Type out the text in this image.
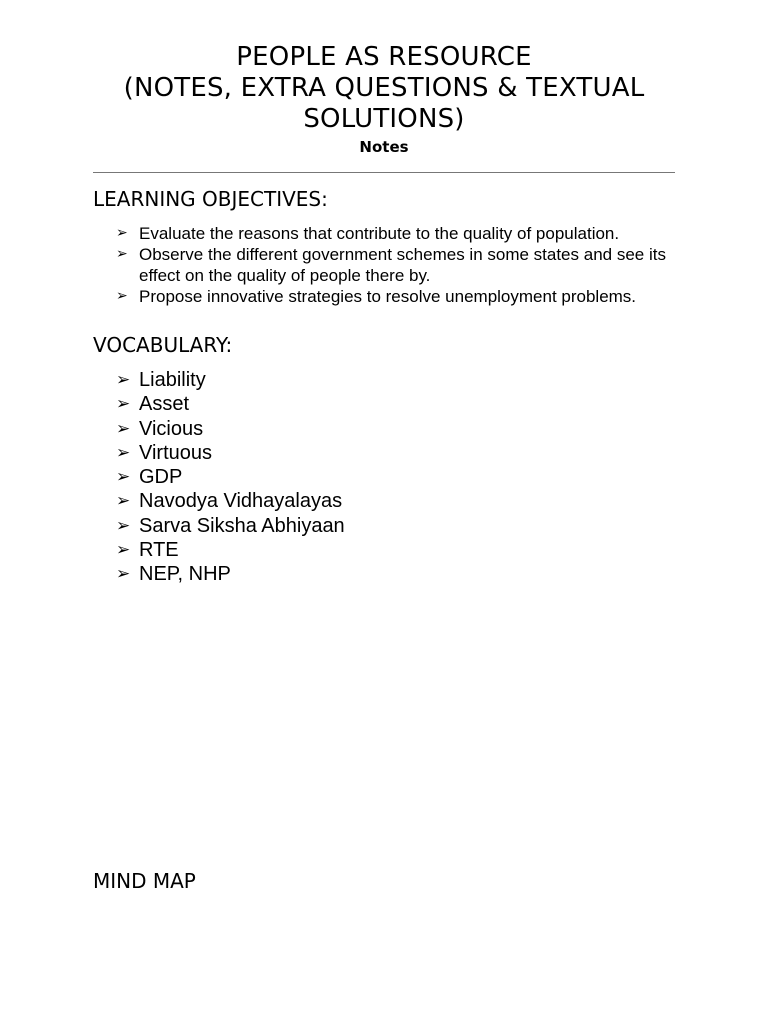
PEOPLE AS RESOURCE
(NOTES, EXTRA QUESTIONS & TEXTUAL
SOLUTIONS)
Notes
LEARNING OBJECTIVES:
➢ Evaluate the reasons that contribute to the quality of population.
➢ Observe the different government schemes in some states and see its effect on the quality of people there by.
➢ Propose innovative strategies to resolve unemployment problems.
VOCABULARY:
➢ Liability
➢ Asset
➢ Vicious
➢ Virtuous
➢ GDP
➢ Navodya Vidhayalayas
➢ Sarva Siksha Abhiyaan
➢ RTE
➢ NEP, NHP
MIND MAP
